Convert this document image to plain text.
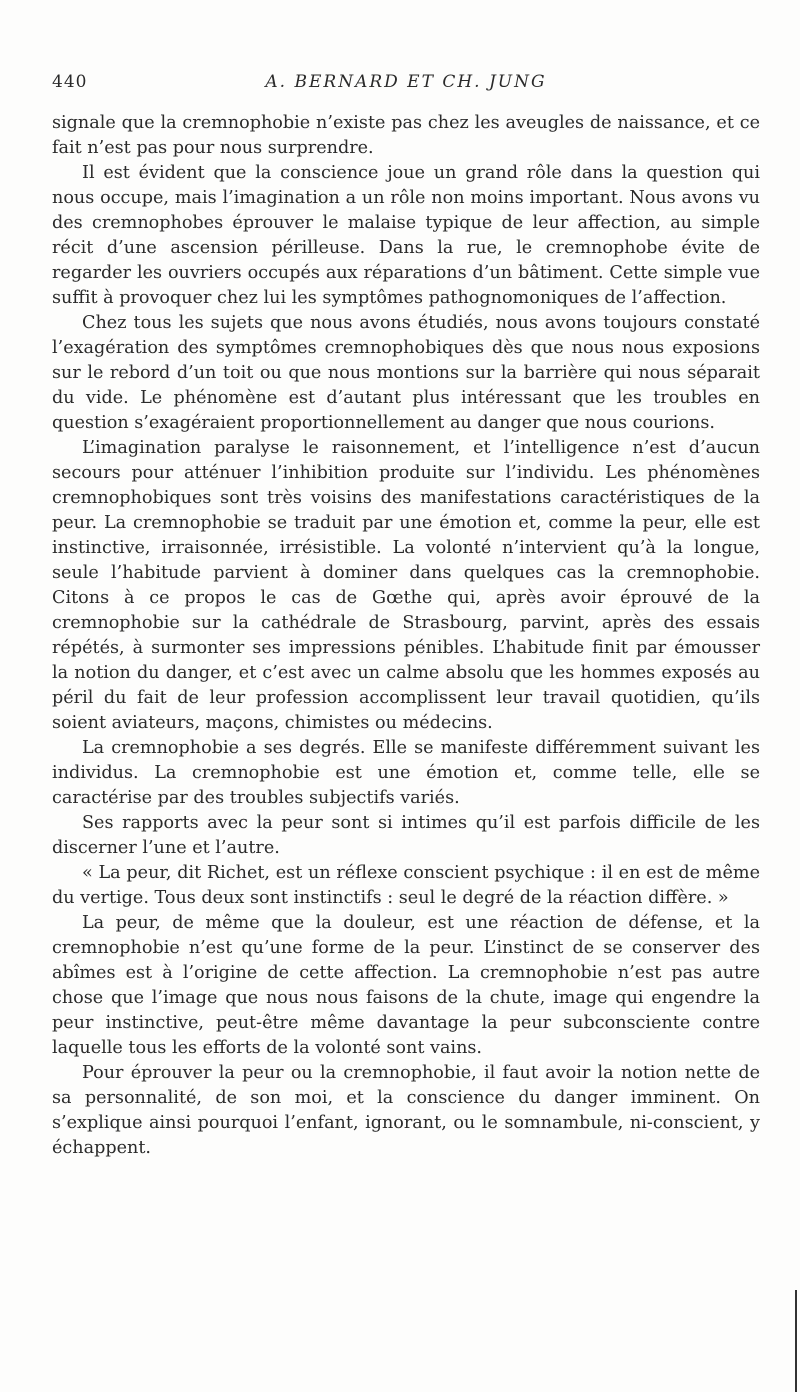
440	A. BERNARD ET CH. JUNG

signale que la cremnophobie n’existe pas chez les aveugles de naissance, et ce fait n’est pas pour nous surprendre.

Il est évident que la conscience joue un grand rôle dans la question qui nous occupe, mais l’imagination a un rôle non moins important. Nous avons vu des cremnophobes éprouver le malaise typique de leur affection, au simple récit d’une ascension périlleuse. Dans la rue, le cremnophobe évite de regarder les ouvriers occupés aux réparations d’un bâtiment. Cette simple vue suffit à provoquer chez lui les symptômes pathognomoniques de l’affection.

Chez tous les sujets que nous avons étudiés, nous avons toujours constaté l’exagération des symptômes cremnophobiques dès que nous nous exposions sur le rebord d’un toit ou que nous montions sur la barrière qui nous séparait du vide. Le phénomène est d’autant plus intéressant que les troubles en question s’exagéraient proportionnellement au danger que nous courions.

L’imagination paralyse le raisonnement, et l’intelligence n’est d’aucun secours pour atténuer l’inhibition produite sur l’individu. Les phénomènes cremnophobiques sont très voisins des manifestations caractéristiques de la peur. La cremnophobie se traduit par une émotion et, comme la peur, elle est instinctive, irraisonnée, irrésistible. La volonté n’intervient qu’à la longue, seule l’habitude parvient à dominer dans quelques cas la cremnophobie. Citons à ce propos le cas de Gœthe qui, après avoir éprouvé de la cremnophobie sur la cathédrale de Strasbourg, parvint, après des essais répétés, à surmonter ses impressions pénibles. L’habitude finit par émousser la notion du danger, et c’est avec un calme absolu que les hommes exposés au péril du fait de leur profession accomplissent leur travail quotidien, qu’ils soient aviateurs, maçons, chimistes ou médecins.

La cremnophobie a ses degrés. Elle se manifeste différemment suivant les individus. La cremnophobie est une émotion et, comme telle, elle se caractérise par des troubles subjectifs variés.

Ses rapports avec la peur sont si intimes qu’il est parfois difficile de les discerner l’une et l’autre.

« La peur, dit Richet, est un réflexe conscient psychique : il en est de même du vertige. Tous deux sont instinctifs : seul le degré de la réaction diffère. »

La peur, de même que la douleur, est une réaction de défense, et la cremnophobie n’est qu’une forme de la peur. L’instinct de se conserver des abîmes est à l’origine de cette affection. La cremnophobie n’est pas autre chose que l’image que nous nous faisons de la chute, image qui engendre la peur instinctive, peut-être même davantage la peur subconsciente contre laquelle tous les efforts de la volonté sont vains.

Pour éprouver la peur ou la cremnophobie, il faut avoir la notion nette de sa personnalité, de son moi, et la conscience du danger imminent. On s’explique ainsi pourquoi l’enfant, ignorant, ou le somnambule, ni-conscient, y échappent.
